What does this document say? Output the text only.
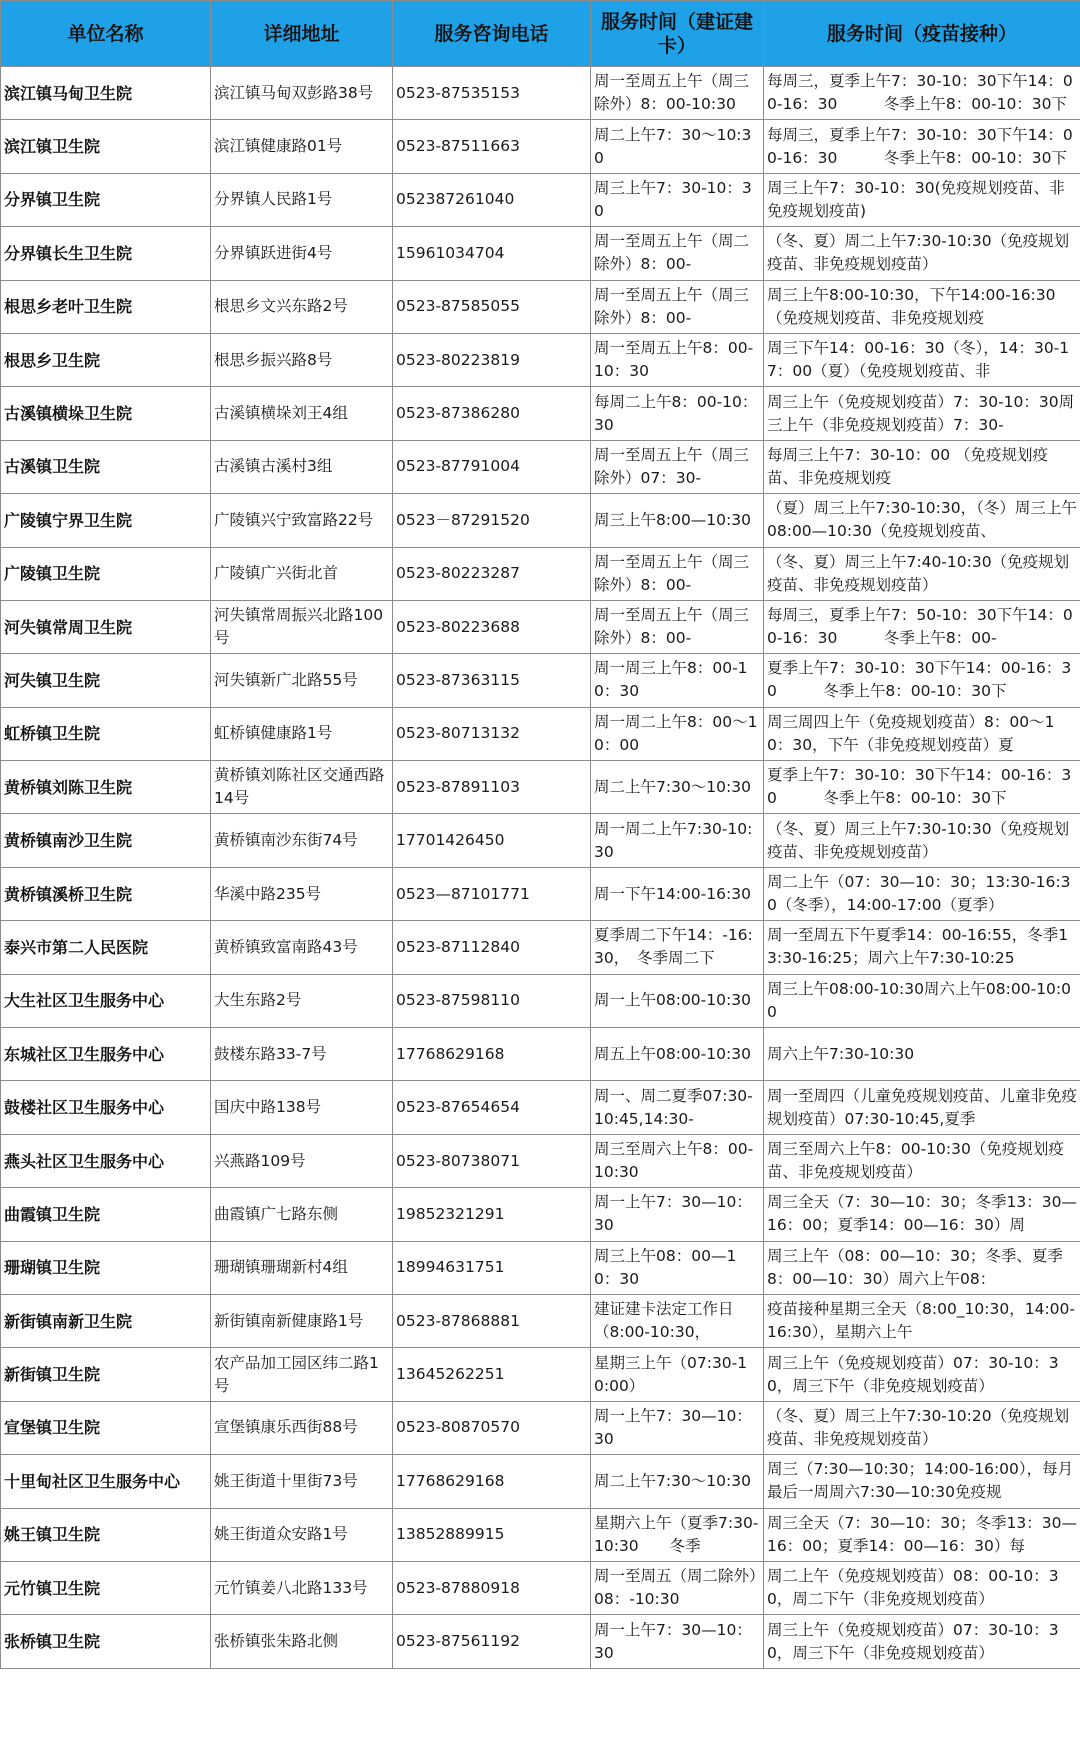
单位名称	详细地址	服务咨询电话	服务时间（建证建卡）	服务时间（疫苗接种）
滨江镇马甸卫生院	滨江镇马甸双彭路38号	0523-87535153	周一至周五上午（周三除外）8：00-10:30	每周三，夏季上午7：30-10：30下午14：00-16：30　　　冬季上午8：00-10：30下

滨江镇卫生院	滨江镇健康路01号	0523-87511663	周二上午7：30～10:30	每周三，夏季上午7：30-10：30下午14：00-16：30　　　冬季上午8：00-10：30下

分界镇卫生院	分界镇人民路1号	052387261040	周三上午7：30-10：30	周三上午7：30-10：30(免疫规划疫苗、非免疫规划疫苗)

分界镇长生卫生院	分界镇跃进街4号	15961034704	周一至周五上午（周二除外）8：00-	（冬、夏）周二上午7:30-10:30（免疫规划疫苗、非免疫规划疫苗）

根思乡老叶卫生院	根思乡文兴东路2号	0523-87585055	周一至周五上午（周三除外）8：00-	周三上午8:00-10:30，下午14:00-16:30（免疫规划疫苗、非免疫规划疫

根思乡卫生院	根思乡振兴路8号	0523-80223819	周一至周五上午8：00-10：30	周三下午14：00-16：30（冬），14：30-17：00（夏）（免疫规划疫苗、非

古溪镇横垛卫生院	古溪镇横垛刘王4组	0523-87386280	每周二上午8：00-10：30	周三上午（免疫规划疫苗）7：30-10：30周三上午（非免疫规划疫苗）7：30-

古溪镇卫生院	古溪镇古溪村3组	0523-87791004	周一至周五上午（周三除外）07：30-	每周三上午7：30-10：00 （免疫规划疫苗、非免疫规划疫

广陵镇宁界卫生院	广陵镇兴宁致富路22号	0523－87291520	周三上午8:00—10:30	（夏）周三上午7:30-10:30，（冬）周三上午08:00—10:30（免疫规划疫苗、

广陵镇卫生院	广陵镇广兴街北首	0523-80223287	周一至周五上午（周三除外）8：00-	（冬、夏）周三上午7:40-10:30（免疫规划疫苗、非免疫规划疫苗）

河失镇常周卫生院	河失镇常周振兴北路100号	0523-80223688	周一至周五上午（周三除外）8：00-	每周三，夏季上午7：50-10：30下午14：00-16：30　　　冬季上午8：00-

河失镇卫生院	河失镇新广北路55号	0523-87363115	周一周三上午8：00-10：30	夏季上午7：30-10：30下午14：00-16：30　　　冬季上午8：00-10：30下

虹桥镇卫生院	虹桥镇健康路1号	0523-80713132	周一周二上午8：00～10：00	周三周四上午（免疫规划疫苗）8：00～10：30，下午（非免疫规划疫苗）夏

黄桥镇刘陈卫生院	黄桥镇刘陈社区交通西路14号	0523-87891103	周二上午7:30～10:30	夏季上午7：30-10：30下午14：00-16：30　　　冬季上午8：00-10：30下

黄桥镇南沙卫生院	黄桥镇南沙东街74号	17701426450	周一周二上午7:30-10:30	（冬、夏）周三上午7:30-10:30（免疫规划疫苗、非免疫规划疫苗）

黄桥镇溪桥卫生院	华溪中路235号	0523—87101771	周一下午14:00-16:30	周二上午（07：30—10：30；13:30-16:30（冬季），14:00-17:00（夏季）

泰兴市第二人民医院	黄桥镇致富南路43号	0523-87112840	夏季周二下午14：-16:30，　冬季周二下	周一至周五下午夏季14：00-16:55，冬季13:30-16:25；周六上午7:30-10:25

大生社区卫生服务中心	大生东路2号	0523-87598110	周一上午08:00-10:30	周三上午08:00-10:30周六上午08:00-10:00

东城社区卫生服务中心	鼓楼东路33-7号	17768629168	周五上午08:00-10:30	周六上午7:30-10:30

鼓楼社区卫生服务中心	国庆中路138号	0523-87654654	周一、周二夏季07:30-10:45,14:30-	周一至周四（儿童免疫规划疫苗、儿童非免疫规划疫苗）07:30-10:45,夏季

燕头社区卫生服务中心	兴燕路109号	0523-80738071	周三至周六上午8：00-10:30	周三至周六上午8：00-10:30（免疫规划疫苗、非免疫规划疫苗）

曲霞镇卫生院	曲霞镇广七路东侧	19852321291	周一上午7：30—10：30	周三全天（7：30—10：30；冬季13：30—16：00；夏季14：00—16：30）周

珊瑚镇卫生院	珊瑚镇珊瑚新村4组	18994631751	周三上午08：00—10：30	周三上午（08：00—10：30；冬季、夏季8：00—10：30）周六上午08：

新街镇南新卫生院	新街镇南新健康路1号	0523-87868881	建证建卡法定工作日（8:00-10:30，	疫苗接种星期三全天（8:00_10:30，14:00-16:30），星期六上午

新街镇卫生院	农产品加工园区纬二路1号	13645262251	星期三上午（07:30-10:00）	周三上午（免疫规划疫苗）07：30-10：30，周三下午（非免疫规划疫苗）

宣堡镇卫生院	宣堡镇康乐西街88号	0523-80870570	周一上午7：30—10：30	（冬、夏）周三上午7:30-10:20（免疫规划疫苗、非免疫规划疫苗）

十里甸社区卫生服务中心	姚王街道十里街73号	17768629168	周二上午7:30～10:30	周三（7:30—10:30；14:00-16:00），每月最后一周周六7:30—10:30免疫规

姚王镇卫生院	姚王街道众安路1号	13852889915	星期六上午（夏季7:30-10:30　　冬季	周三全天（7：30—10：30；冬季13：30—16：00；夏季14：00—16：30）每

元竹镇卫生院	元竹镇姜八北路133号	0523-87880918	周一至周五（周二除外）08：-10:30	周二上午（免疫规划疫苗）08：00-10：30，周二下午（非免疫规划疫苗）

张桥镇卫生院	张桥镇张朱路北侧	0523-87561192	周一上午7：30—10：30	周三上午（免疫规划疫苗）07：30-10：30，周三下午（非免疫规划疫苗）
